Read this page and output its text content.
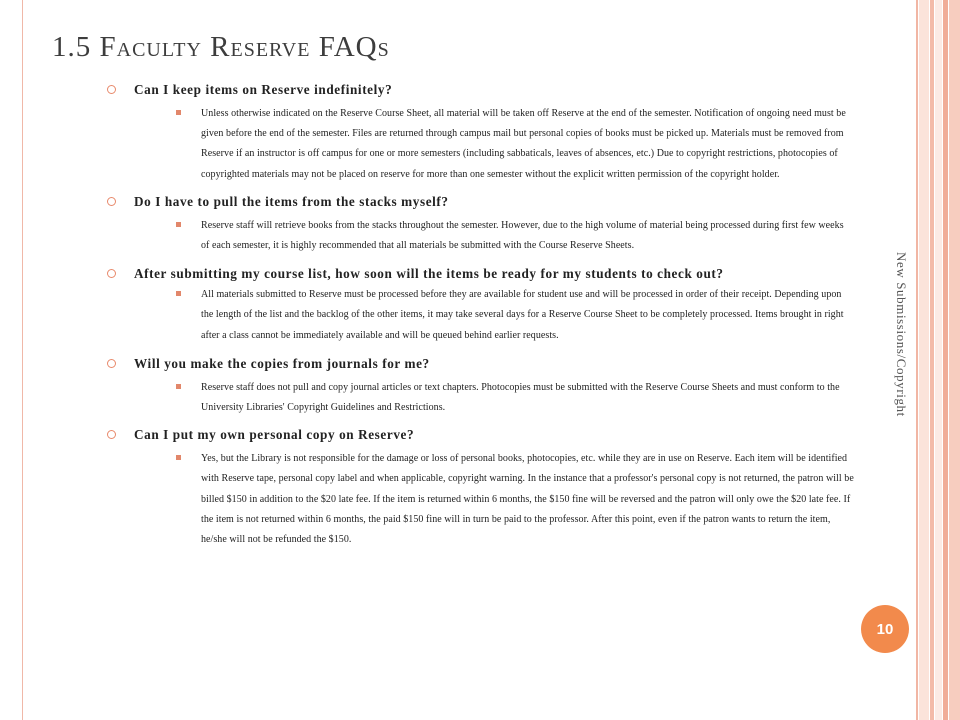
1.5 Faculty Reserve FAQs
Can I keep items on Reserve indefinitely?
Unless otherwise indicated on the Reserve Course Sheet, all material will be taken off Reserve at the end of the semester. Notification of ongoing need must be given before the end of the semester. Files are returned through campus mail but personal copies of books must be picked up. Materials must be removed from Reserve if an instructor is off campus for one or more semesters (including sabbaticals, leaves of absences, etc.) Due to copyright restrictions, photocopies of copyrighted materials may not be placed on reserve for more than one semester without the explicit written permission of the copyright holder.
Do I have to pull the items from the stacks myself?
Reserve staff will retrieve books from the stacks throughout the semester. However, due to the high volume of material being processed during first few weeks of each semester, it is highly recommended that all materials be submitted with the Course Reserve Sheets.
After submitting my course list, how soon will the items be ready for my students to check out?
All materials submitted to Reserve must be processed before they are available for student use and will be processed in order of their receipt. Depending upon the length of the list and the backlog of the other items, it may take several days for a Reserve Course Sheet to be completely processed. Items brought in right after a class cannot be immediately available and will be queued behind earlier requests.
Will you make the copies from journals for me?
Reserve staff does not pull and copy journal articles or text chapters. Photocopies must be submitted with the Reserve Course Sheets and must conform to the University Libraries' Copyright Guidelines and Restrictions.
Can I put my own personal copy on Reserve?
Yes, but the Library is not responsible for the damage or loss of personal books, photocopies, etc. while they are in use on Reserve. Each item will be identified with Reserve tape, personal copy label and when applicable, copyright warning. In the instance that a professor's personal copy is not returned, the patron will be billed $150 in addition to the $20 late fee. If the item is returned within 6 months, the $150 fine will be reversed and the patron will only owe the $20 late fee. If the item is not returned within 6 months, the paid $150 fine will in turn be paid to the professor. After this point, even if the patron wants to return the item, he/she will not be refunded the $150.
New Submissions/Copyright
10
